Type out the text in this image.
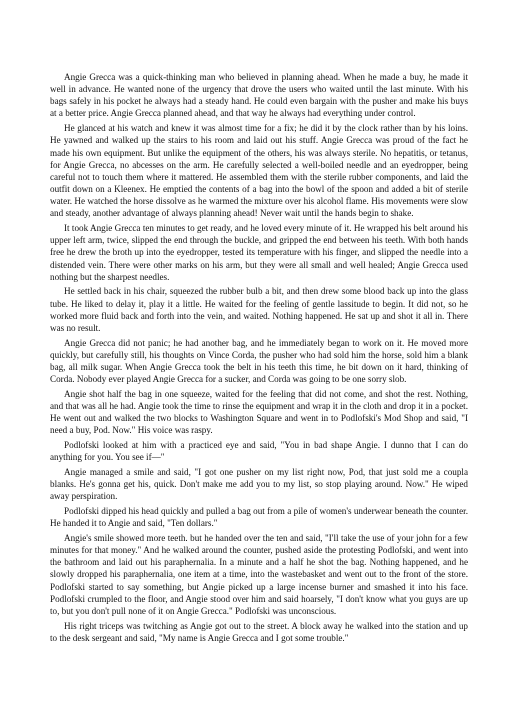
Angie Grecca was a quick-thinking man who believed in planning ahead. When he made a buy, he made it well in advance. He wanted none of the urgency that drove the users who waited until the last minute. With his bags safely in his pocket he always had a steady hand. He could even bargain with the pusher and make his buys at a better price. Angie Grecca planned ahead, and that way he always had everything under control.

He glanced at his watch and knew it was almost time for a fix; he did it by the clock rather than by his loins. He yawned and walked up the stairs to his room and laid out his stuff. Angie Grecca was proud of the fact he made his own equipment. But unlike the equipment of the others, his was always sterile. No hepatitis, or tetanus, for Angie Grecca, no abcesses on the arm. He carefully selected a well-boiled needle and an eyedropper, being careful not to touch them where it mattered. He assembled them with the sterile rubber components, and laid the outfit down on a Kleenex. He emptied the contents of a bag into the bowl of the spoon and added a bit of sterile water. He watched the horse dissolve as he warmed the mixture over his alcohol flame. His movements were slow and steady, another advantage of always planning ahead! Never wait until the hands begin to shake.

It took Angie Grecca ten minutes to get ready, and he loved every minute of it. He wrapped his belt around his upper left arm, twice, slipped the end through the buckle, and gripped the end between his teeth. With both hands free he drew the broth up into the eyedropper, tested its temperature with his finger, and slipped the needle into a distended vein. There were other marks on his arm, but they were all small and well healed; Angie Grecca used nothing but the sharpest needles.

He settled back in his chair, squeezed the rubber bulb a bit, and then drew some blood back up into the glass tube. He liked to delay it, play it a little. He waited for the feeling of gentle lassitude to begin. It did not, so he worked more fluid back and forth into the vein, and waited. Nothing happened. He sat up and shot it all in. There was no result.

Angie Grecca did not panic; he had another bag, and he immediately began to work on it. He moved more quickly, but carefully still, his thoughts on Vince Corda, the pusher who had sold him the horse, sold him a blank bag, all milk sugar. When Angie Grecca took the belt in his teeth this time, he bit down on it hard, thinking of Corda. Nobody ever played Angie Grecca for a sucker, and Corda was going to be one sorry slob.

Angie shot half the bag in one squeeze, waited for the feeling that did not come, and shot the rest. Nothing, and that was all he had. Angie took the time to rinse the equipment and wrap it in the cloth and drop it in a pocket. He went out and walked the two blocks to Washington Square and went in to Podlofski's Mod Shop and said, "I need a buy, Pod. Now." His voice was raspy.

Podlofski looked at him with a practiced eye and said, "You in bad shape Angie. I dunno that I can do anything for you. You see if—"

Angie managed a smile and said, "I got one pusher on my list right now, Pod, that just sold me a coupla blanks. He's gonna get his, quick. Don't make me add you to my list, so stop playing around. Now." He wiped away perspiration.

Podlofski dipped his head quickly and pulled a bag out from a pile of women's underwear beneath the counter. He handed it to Angie and said, "Ten dollars."

Angie's smile showed more teeth. but he handed over the ten and said, "I'll take the use of your john for a few minutes for that money." And he walked around the counter, pushed aside the protesting Podlofski, and went into the bathroom and laid out his paraphernalia. In a minute and a half he shot the bag. Nothing happened, and he slowly dropped his paraphernalia, one item at a time, into the wastebasket and went out to the front of the store. Podlofski started to say something, but Angie picked up a large incense burner and smashed it into his face. Podlofski crumpled to the floor, and Angie stood over him and said hoarsely, "I don't know what you guys are up to, but you don't pull none of it on Angie Grecca." Podlofski was unconscious.

His right triceps was twitching as Angie got out to the street. A block away he walked into the station and up to the desk sergeant and said, "My name is Angie Grecca and I got some trouble."
